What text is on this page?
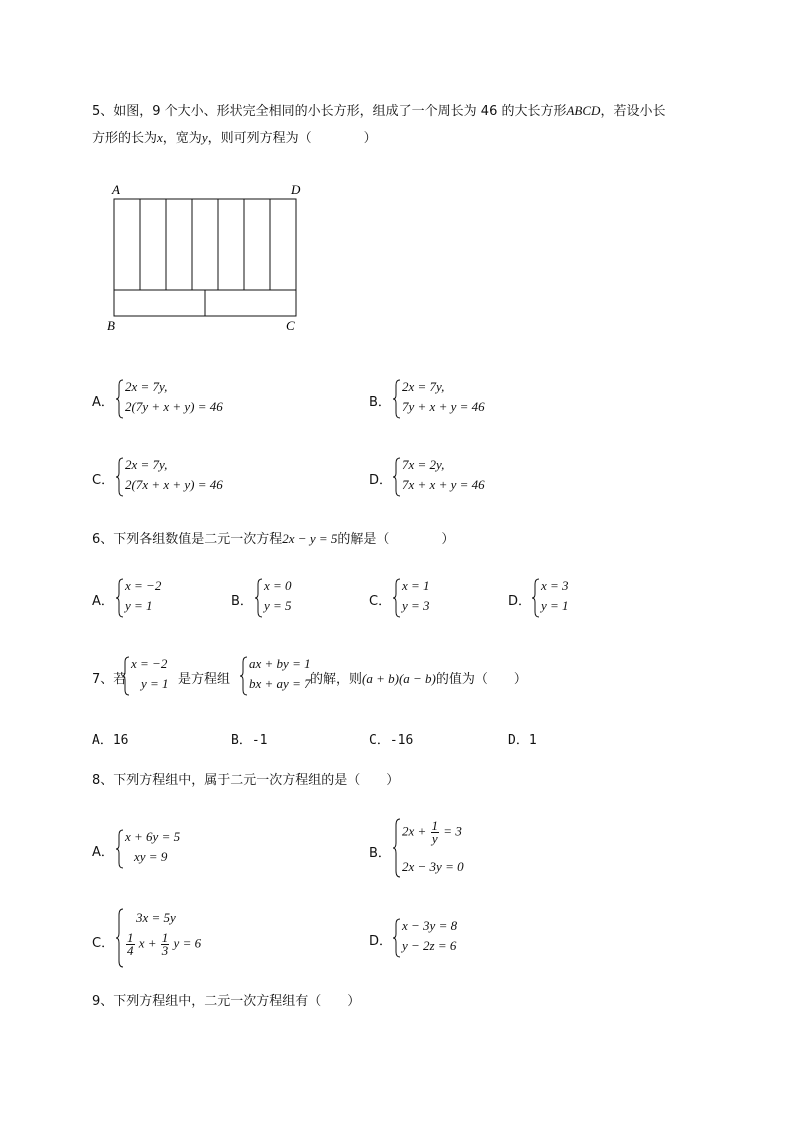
5、如图，9 个大小、形状完全相同的小长方形，组成了一个周长为 46 的大长方形ABCD，若设小长
方形的长为x，宽为y，则可列方程为（　　　　）
A	D
B	C
A．
2x = 7y,
2(7y + x + y) = 46	B．
2x = 7y,
7y + x + y = 46
C．
2x = 7y,
2(7x + x + y) = 46	D．
7x = 2y,
7x + x + y = 46
6、下列各组数值是二元一次方程2x − y = 5的解是（　　　　）
A．
x = −2
y = 1	B．
x = 0
y = 5	C．
x = 1
y = 3	D．
x = 3
y = 1
7、若
x = −2
y = 1 是方程组
ax + by = 1
bx + ay = 7 的解，则(a + b)(a − b)的值为（　　）
A．16	B．-1	C．-16	D．1
8、下列方程组中，属于二元一次方程组的是（　　）
A．
x + 6y = 5
xy = 9	B．
$2x + \frac{1}{y} = 3$
2x − 3y = 0
C．
3x = 5y
$\frac{1}{4}$ $x + \frac{1}{3}$ y = 6	D．
x − 3y = 8
y − 2z = 6
9、下列方程组中，二元一次方程组有（　　）
